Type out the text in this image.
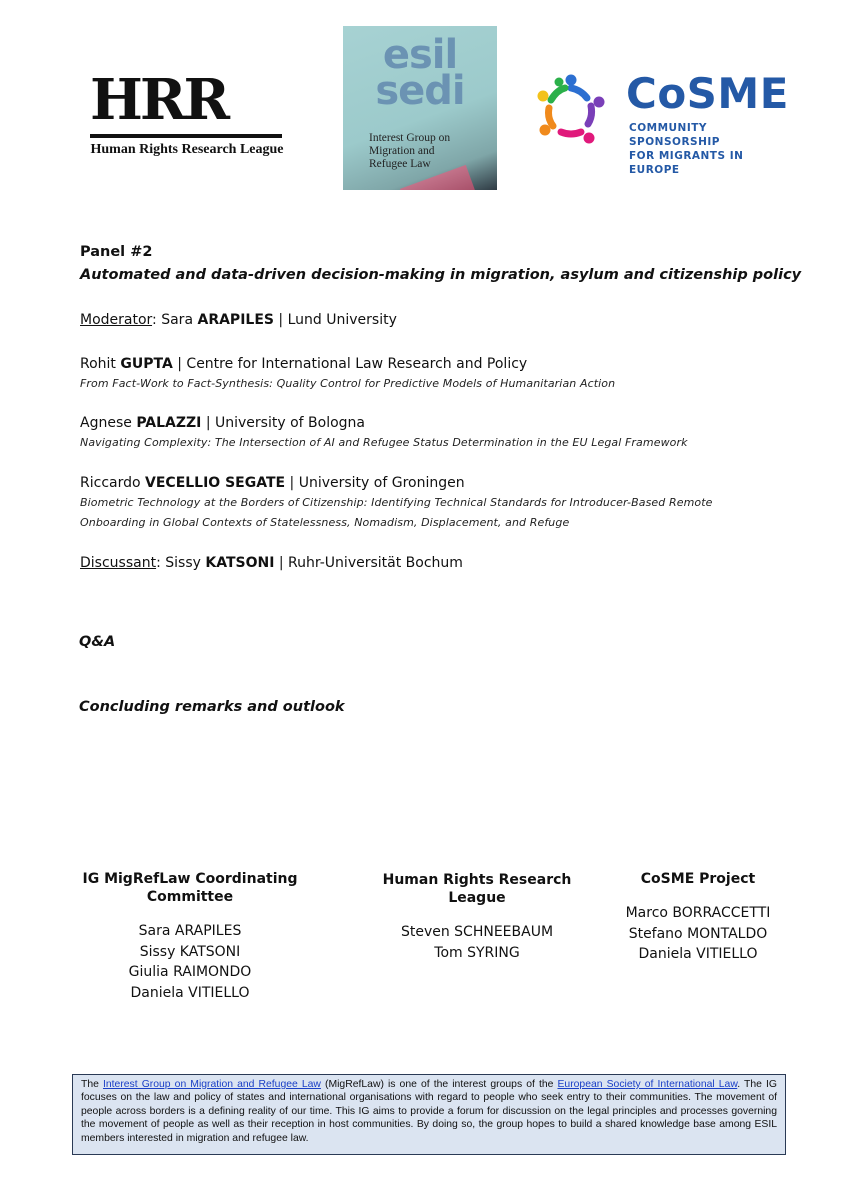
HRR
Human Rights Research League
esil
sedi
Interest Group on
Migration and
Refugee Law
CoSME
COMMUNITY SPONSORSHIP
FOR MIGRANTS IN EUROPE
Panel #2
Automated and data-driven decision-making in migration, asylum and citizenship policy
Moderator: Sara ARAPILES | Lund University
Rohit GUPTA | Centre for International Law Research and Policy
From Fact-Work to Fact-Synthesis: Quality Control for Predictive Models of Humanitarian Action
Agnese PALAZZI | University of Bologna
Navigating Complexity: The Intersection of AI and Refugee Status Determination in the EU Legal Framework
Riccardo VECELLIO SEGATE | University of Groningen
Biometric Technology at the Borders of Citizenship: Identifying Technical Standards for Introducer-Based Remote
Onboarding in Global Contexts of Statelessness, Nomadism, Displacement, and Refuge
Discussant: Sissy KATSONI | Ruhr-Universität Bochum
Q&A
Concluding remarks and outlook
IG MigRefLaw Coordinating Committee
Sara ARAPILES
Sissy KATSONI
Giulia RAIMONDO
Daniela VITIELLO
Human Rights Research League
Steven SCHNEEBAUM
Tom SYRING
CoSME Project
Marco BORRACCETTI
Stefano MONTALDO
Daniela VITIELLO
The Interest Group on Migration and Refugee Law (MigRefLaw) is one of the interest groups of the European Society of International Law. The IG focuses on the law and policy of states and international organisations with regard to people who seek entry to their communities. The movement of people across borders is a defining reality of our time. This IG aims to provide a forum for discussion on the legal principles and processes governing the movement of people as well as their reception in host communities. By doing so, the group hopes to build a shared knowledge base among ESIL members interested in migration and refugee law.
